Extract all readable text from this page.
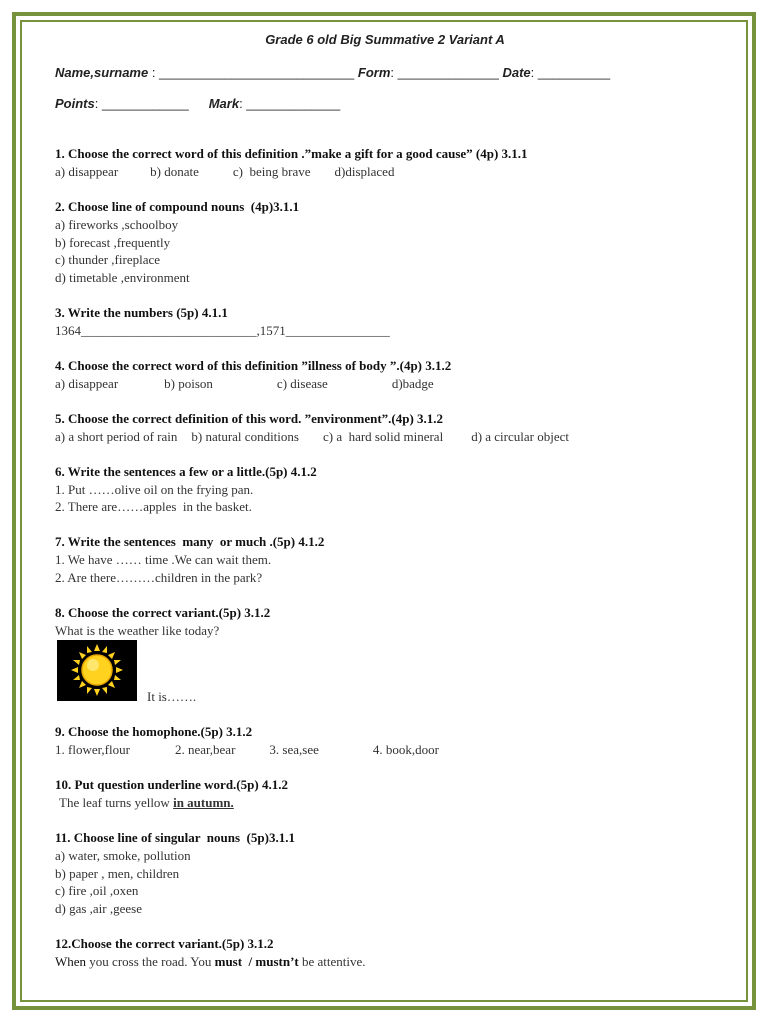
Grade 6 old Big Summative 2 Variant A
Name,surname : ___________________________ Form: ______________ Date: __________
Points: ____________ Mark: _____________
1. Choose the correct word of this definition .”make a gift for a good cause” (4p) 3.1.1
a) disappear b) donate	c)  being brave d)displaced
2. Choose line of compound nouns  (4p)3.1.1
a) fireworks ,schoolboy
b) forecast ,frequently
c) thunder ,fireplace
d) timetable ,environment
3. Write the numbers (5p) 4.1.1
1364___________________________,1571________________
4. Choose the correct word of this definition ”illness of body ”.(4p) 3.1.2
a) disappear	b) poison	c) disease	d)badge
5. Choose the correct definition of this word. ”environment”.(4p) 3.1.2
a) a short period of rain b) natural conditions c) a  hard solid mineral d) a circular object
6. Write the sentences a few or a little.(5p) 4.1.2
1. Put ……olive oil on the frying pan.
2. There are……apples  in the basket.
7. Write the sentences  many  or much .(5p) 4.1.2
1. We have …… time .We can wait them.
2. Are there………children in the park?
8. Choose the correct variant.(5p) 3.1.2
What is the weather like today?
It is…….
9. Choose the homophone.(5p) 3.1.2
1. flower,flour	2. near,bear	3. sea,see	4. book,door
10. Put question underline word.(5p) 4.1.2
The leaf turns yellow in autumn.
11. Choose line of singular  nouns  (5p)3.1.1
a) water, smoke, pollution
b) paper , men, children
c) fire ,oil ,oxen
d) gas ,air ,geese
12.Choose the correct variant.(5p) 3.1.2
When you cross the road. You must  / mustn’t be attentive.
